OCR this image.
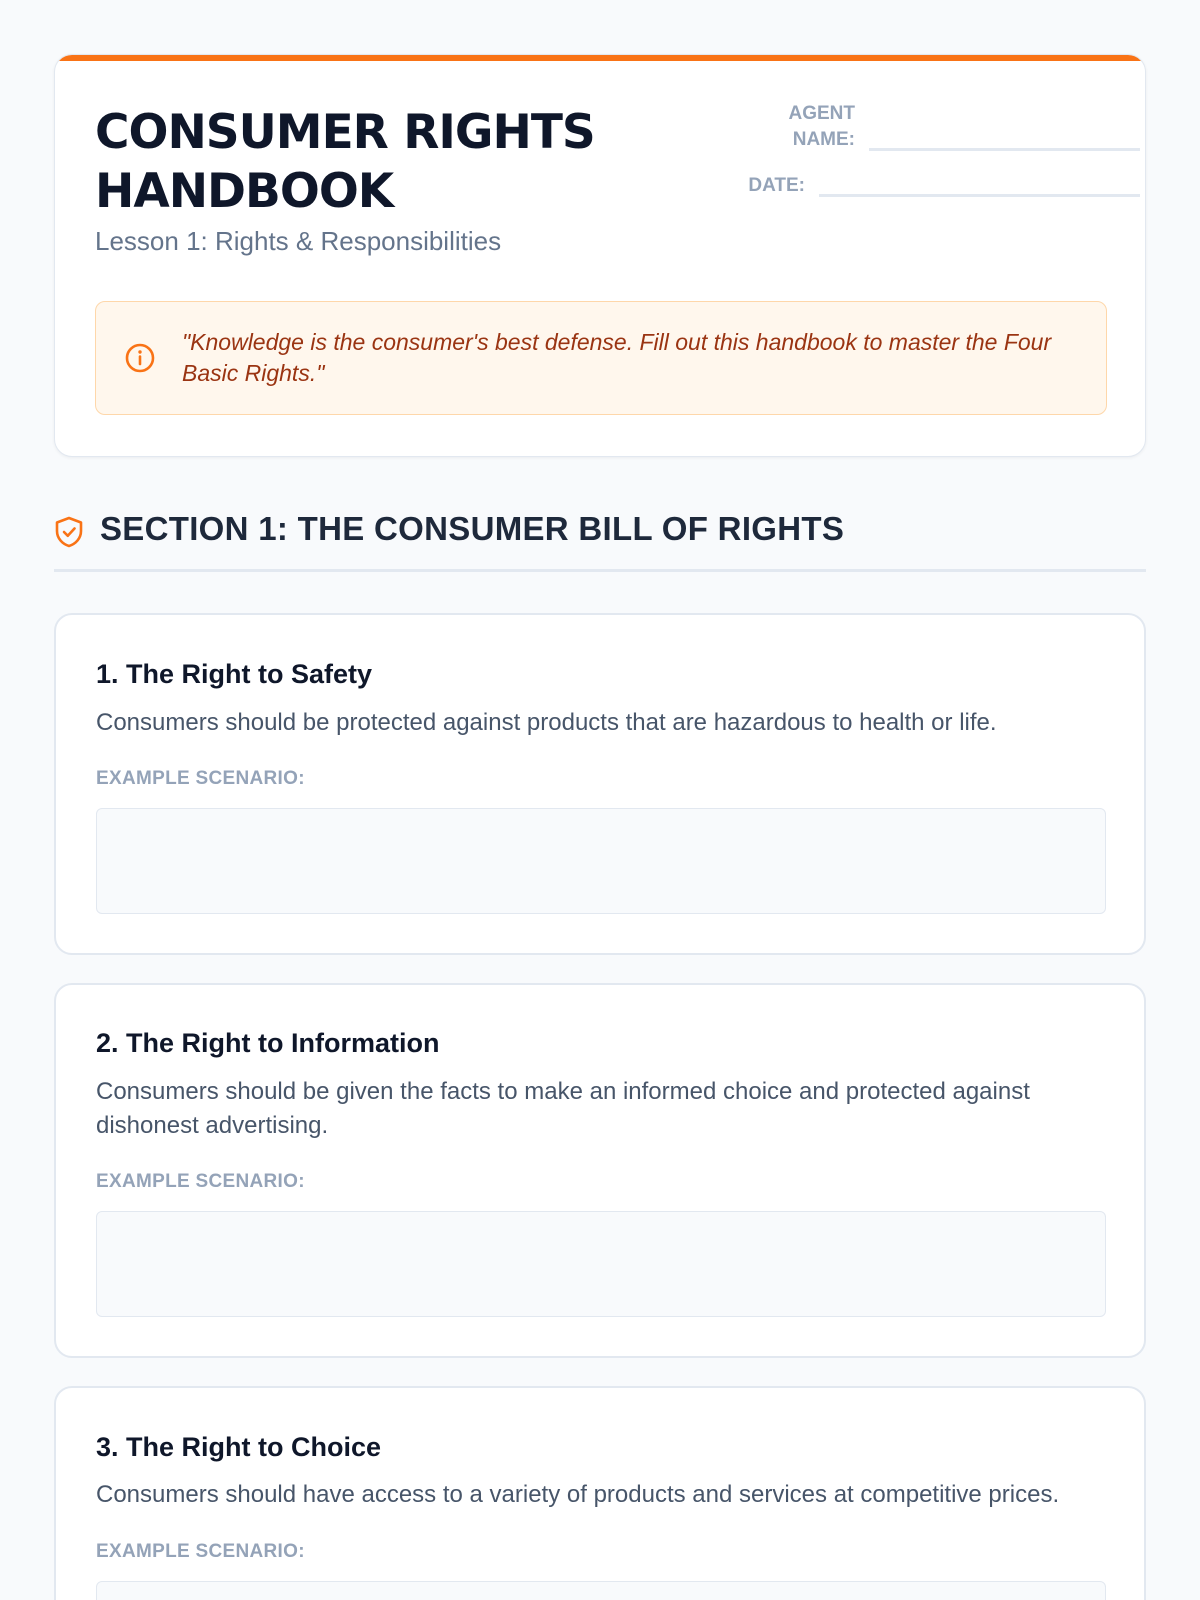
CONSUMER RIGHTS
HANDBOOK
Lesson 1: Rights & Responsibilities
AGENT
NAME:
DATE:
"Knowledge is the consumer's best defense. Fill out this handbook to master the Four Basic Rights."
SECTION 1: THE CONSUMER BILL OF RIGHTS
1. The Right to Safety
Consumers should be protected against products that are hazardous to health or life.
EXAMPLE SCENARIO:
2. The Right to Information
Consumers should be given the facts to make an informed choice and protected against dishonest advertising.
EXAMPLE SCENARIO:
3. The Right to Choice
Consumers should have access to a variety of products and services at competitive prices.
EXAMPLE SCENARIO:
